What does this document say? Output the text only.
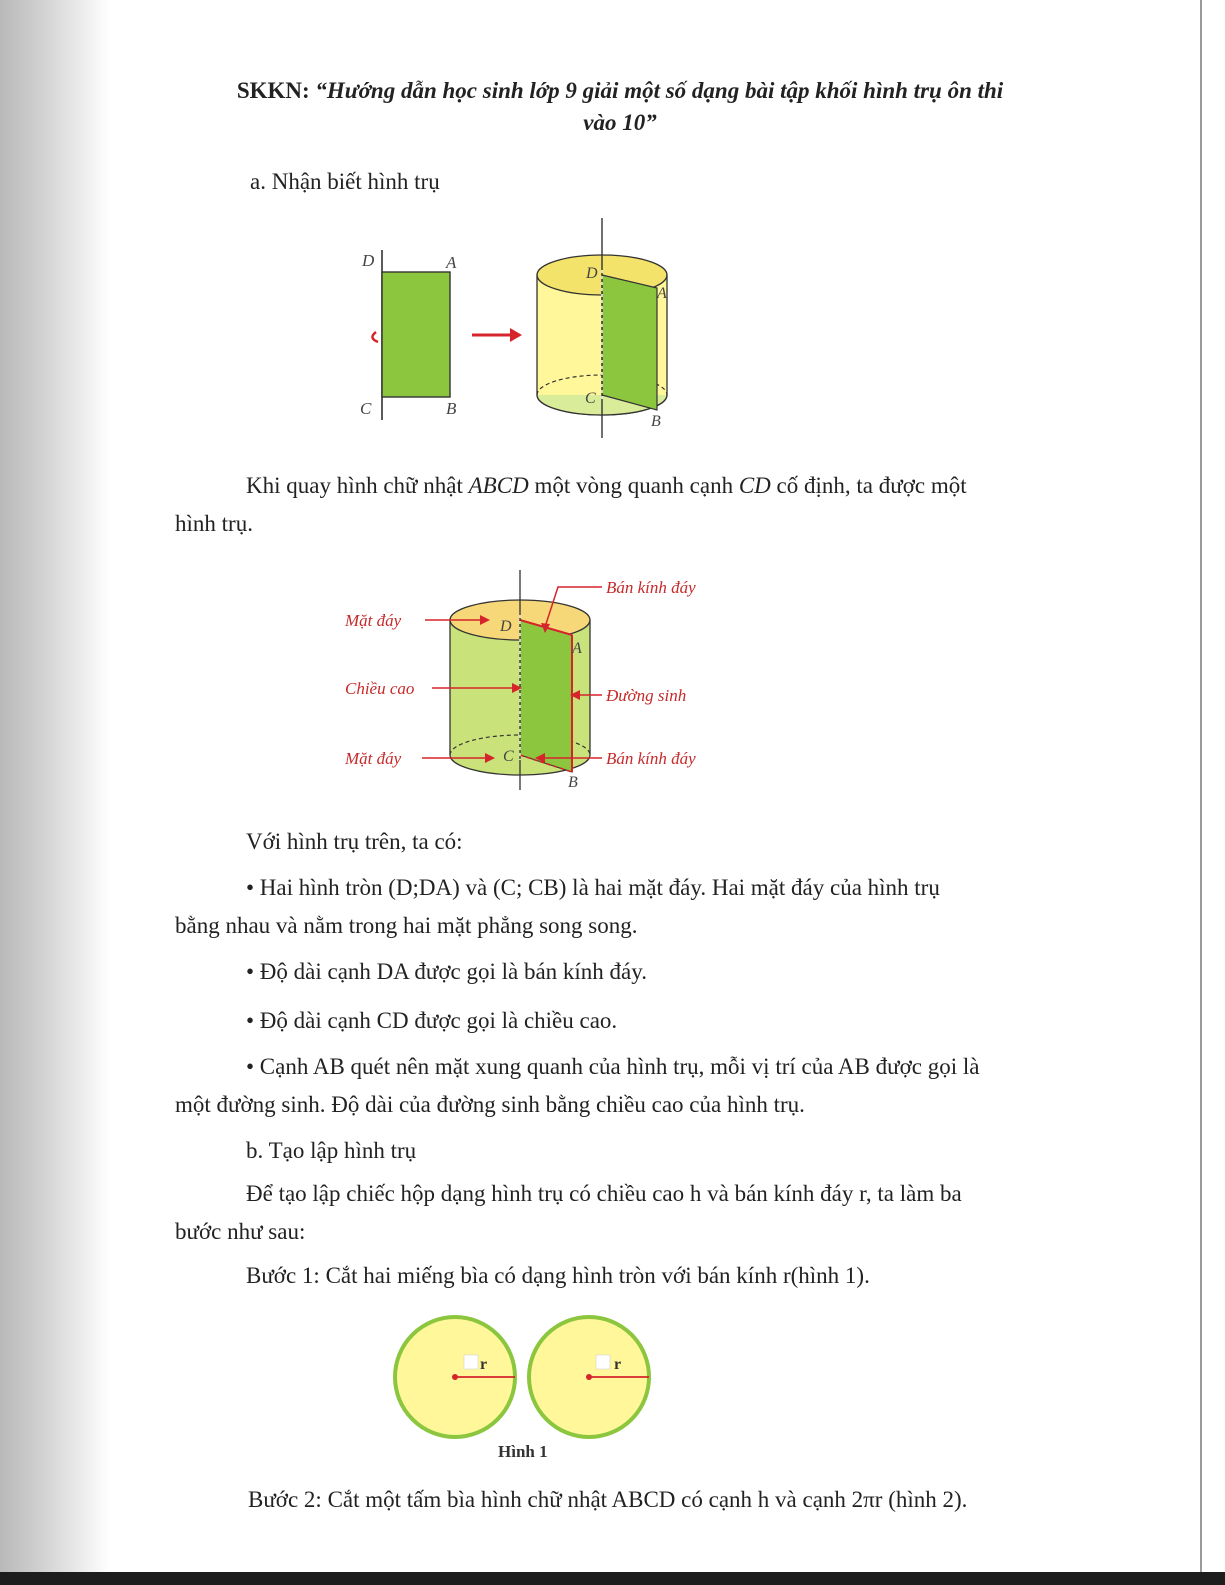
SKKN: “Hướng dẫn học sinh lớp 9 giải một số dạng bài tập khối hình trụ ôn thi
vào 10”
a. Nhận biết hình trụ
D	A
C	B
D
A
C
B
Khi quay hình chữ nhật ABCD một vòng quanh cạnh CD cố định, ta được một
hình trụ.
Bán kính đáy
Mặt đáy
Chiều cao	Đường sinh
Mặt đáy	Bán kính đáy
D
A
C
B
Với hình trụ trên, ta có:
• Hai hình tròn (D;DA) và (C; CB) là hai mặt đáy. Hai mặt đáy của hình trụ
bằng nhau và nằm trong hai mặt phẳng song song.
• Độ dài cạnh DA được gọi là bán kính đáy.
• Độ dài cạnh CD được gọi là chiều cao.
• Cạnh AB quét nên mặt xung quanh của hình trụ, mỗi vị trí của AB được gọi là
một đường sinh. Độ dài của đường sinh bằng chiều cao của hình trụ.
b. Tạo lập hình trụ
Để tạo lập chiếc hộp dạng hình trụ có chiều cao h và bán kính đáy r, ta làm ba
bước như sau:
Bước 1: Cắt hai miếng bìa có dạng hình tròn với bán kính r(hình 1).
r	r
Hình 1
Bước 2: Cắt một tấm bìa hình chữ nhật ABCD có cạnh h và cạnh 2πr (hình 2).
